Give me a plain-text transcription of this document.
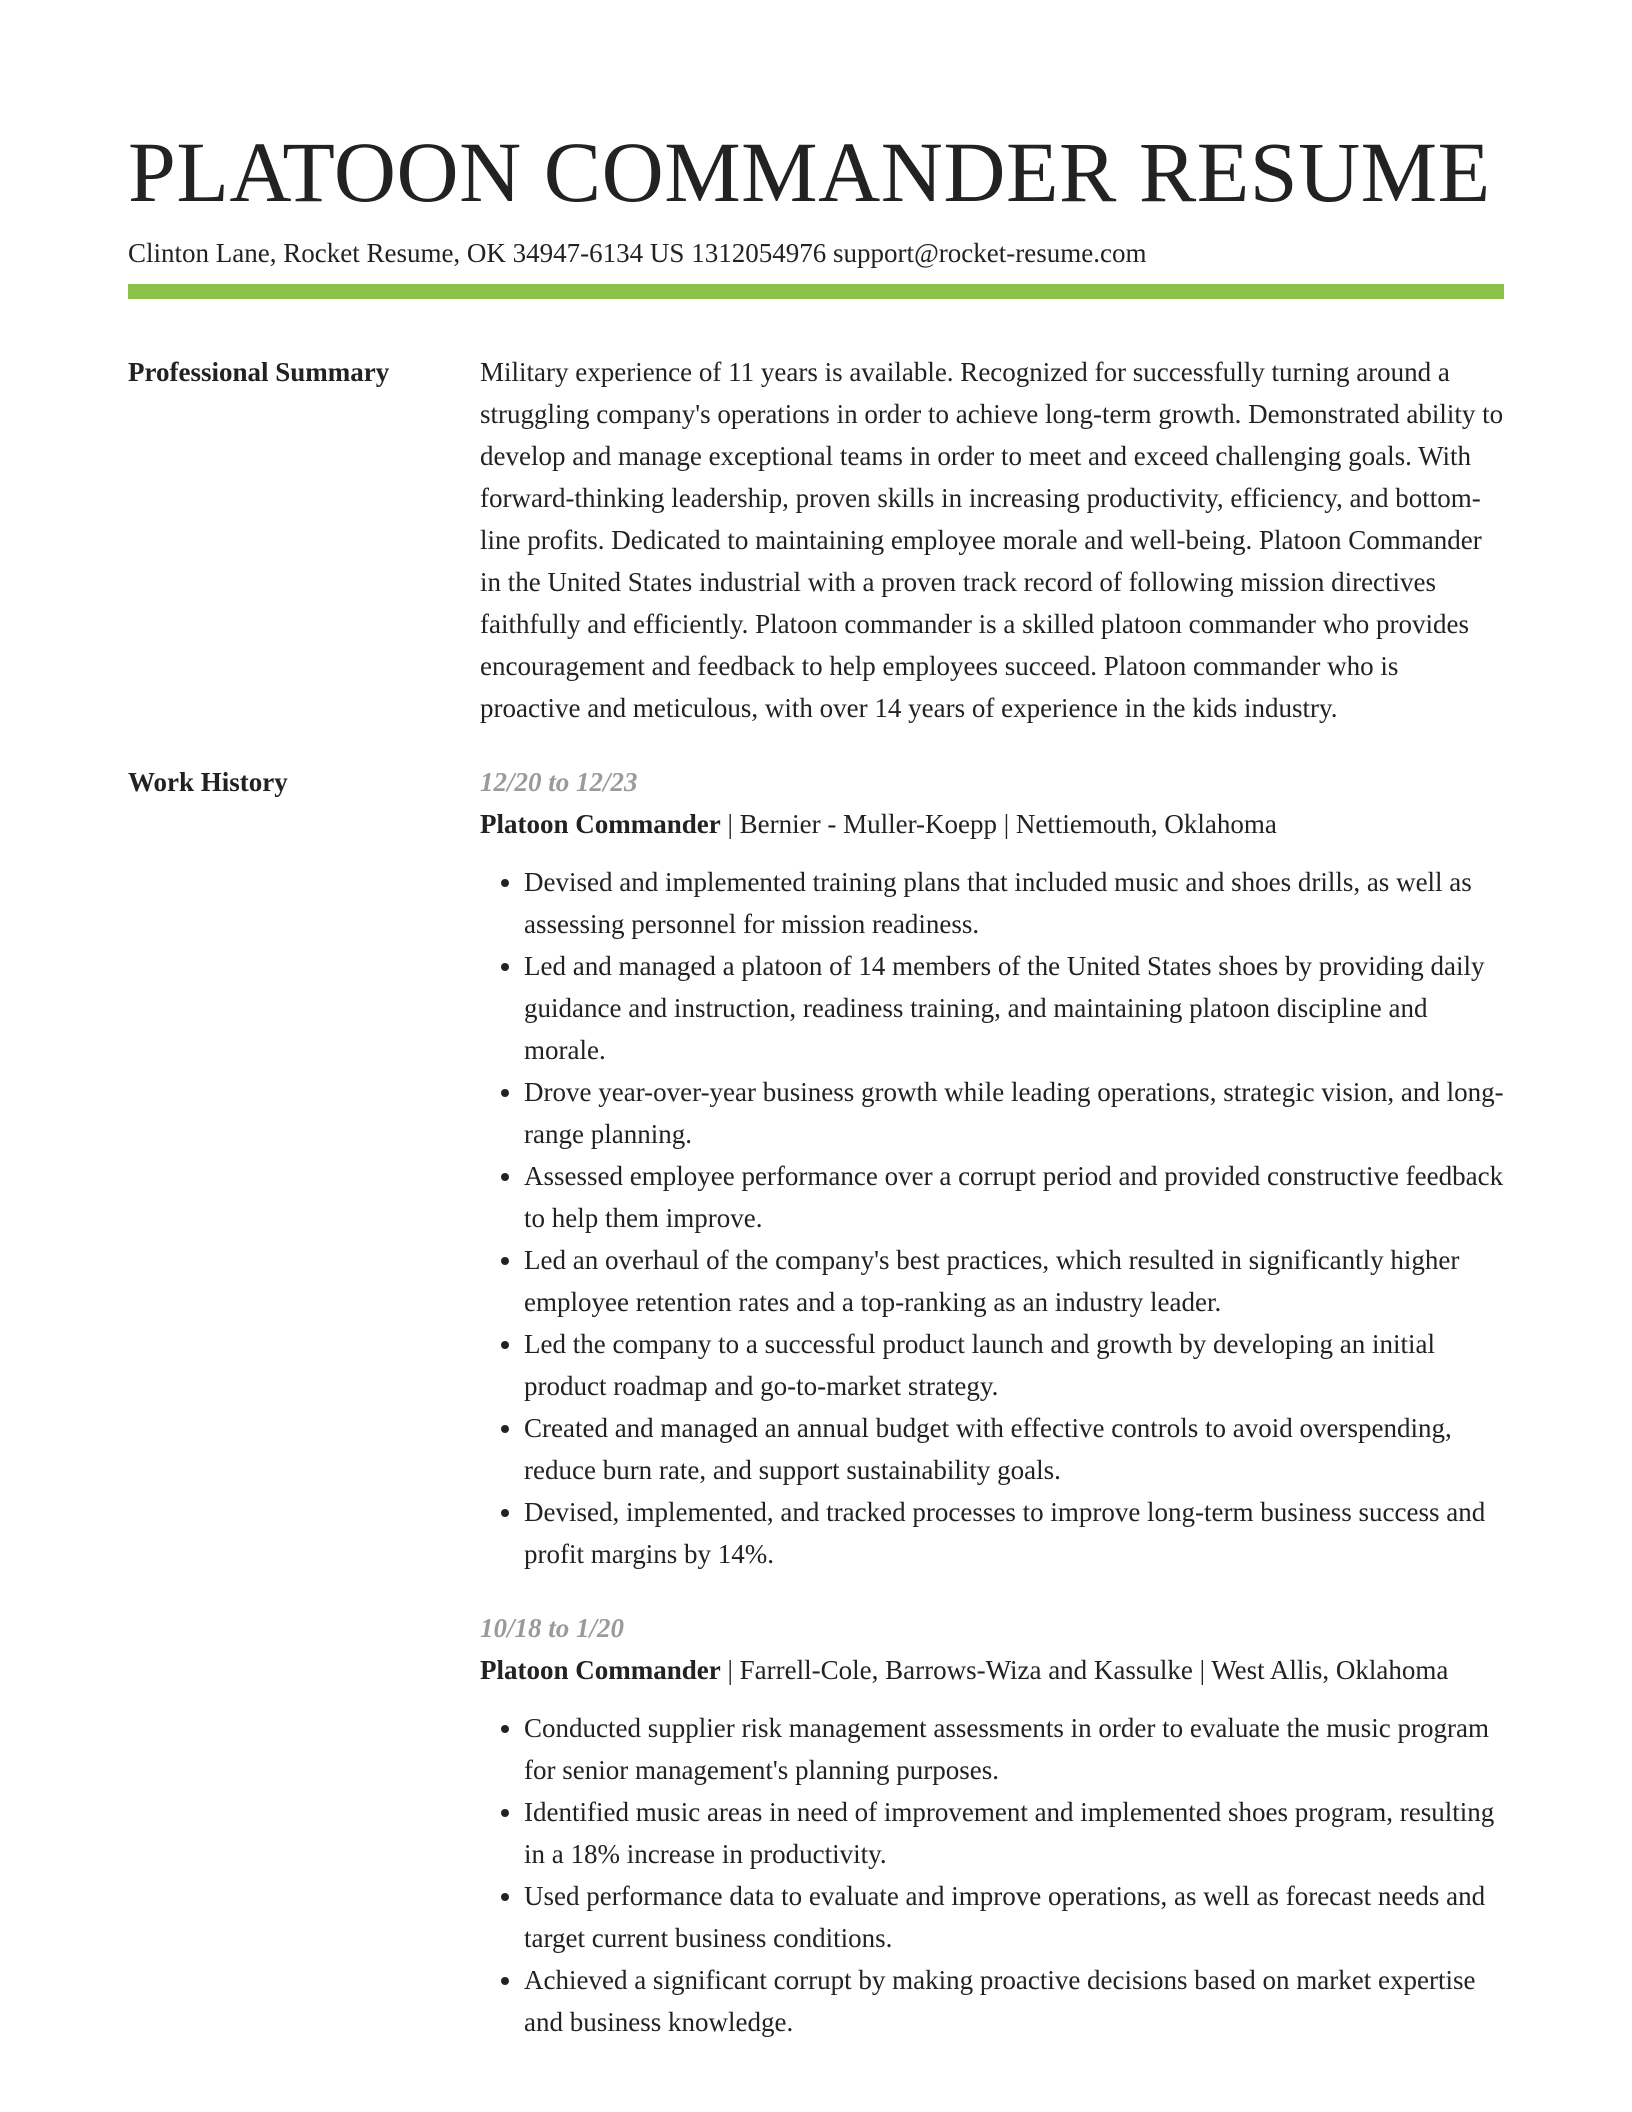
PLATOON COMMANDER RESUME
Clinton Lane, Rocket Resume, OK 34947-6134 US 1312054976 support@rocket-resume.com
Professional Summary	Military experience of 11 years is available. Recognized for successfully turning around a struggling company's operations in order to achieve long-term growth. Demonstrated ability to develop and manage exceptional teams in order to meet and exceed challenging goals. With forward-thinking leadership, proven skills in increasing productivity, efficiency, and bottom-line profits. Dedicated to maintaining employee morale and well-being. Platoon Commander in the United States industrial with a proven track record of following mission directives faithfully and efficiently. Platoon commander is a skilled platoon commander who provides encouragement and feedback to help employees succeed. Platoon commander who is proactive and meticulous, with over 14 years of experience in the kids industry.

Work History	12/20 to 12/23
Platoon Commander | Bernier - Muller-Koepp | Nettiemouth, Oklahoma
• Devised and implemented training plans that included music and shoes drills, as well as assessing personnel for mission readiness.
• Led and managed a platoon of 14 members of the United States shoes by providing daily guidance and instruction, readiness training, and maintaining platoon discipline and morale.
• Drove year-over-year business growth while leading operations, strategic vision, and long-range planning.
• Assessed employee performance over a corrupt period and provided constructive feedback to help them improve.
• Led an overhaul of the company's best practices, which resulted in significantly higher employee retention rates and a top-ranking as an industry leader.
• Led the company to a successful product launch and growth by developing an initial product roadmap and go-to-market strategy.
• Created and managed an annual budget with effective controls to avoid overspending, reduce burn rate, and support sustainability goals.
• Devised, implemented, and tracked processes to improve long-term business success and profit margins by 14%.
10/18 to 1/20
Platoon Commander | Farrell-Cole, Barrows-Wiza and Kassulke | West Allis, Oklahoma
• Conducted supplier risk management assessments in order to evaluate the music program for senior management's planning purposes.
• Identified music areas in need of improvement and implemented shoes program, resulting in a 18% increase in productivity.
• Used performance data to evaluate and improve operations, as well as forecast needs and target current business conditions.
• Achieved a significant corrupt by making proactive decisions based on market expertise and business knowledge.
